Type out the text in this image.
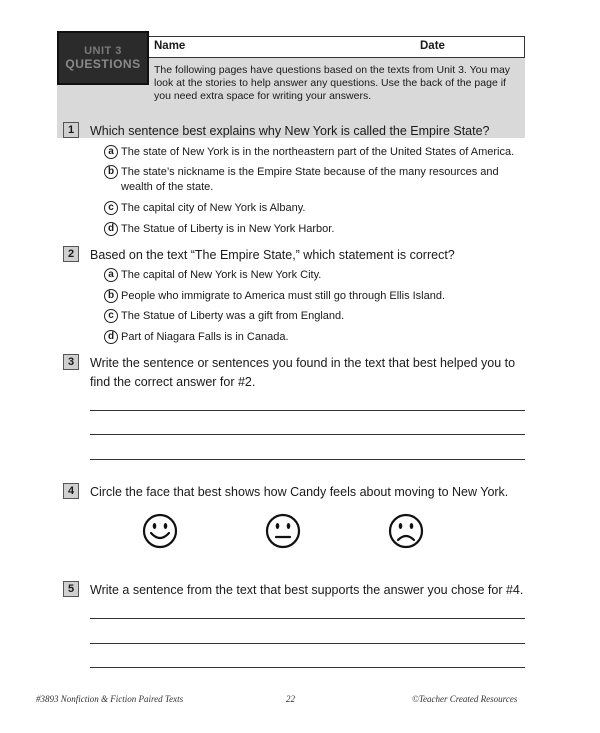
The following pages have questions based on the texts from Unit 3. You may look at the stories to help answer any questions. Use the back of the page if you need extra space for writing your answers.

UNIT 3
QUESTIONS
Name	Date
1	Which sentence best explains why New York is called the Empire State?
a The state of New York is in the northeastern part of the United States of America.
b The state’s nickname is the Empire State because of the many resources and wealth of the state.
c The capital city of New York is Albany.
d The Statue of Liberty is in New York Harbor.
2	Based on the text “The Empire State,” which statement is correct?
a The capital of New York is New York City.
b People who immigrate to America must still go through Ellis Island.
c The Statue of Liberty was a gift from England.
d Part of Niagara Falls is in Canada.
3	Write the sentence or sentences you found in the text that best helped you to find the correct answer for #2.
4	Circle the face that best shows how Candy feels about moving to New York.
5	Write a sentence from the text that best supports the answer you chose for #4.
#3893 Nonfiction & Fiction Paired Texts	22	©Teacher Created Resources
